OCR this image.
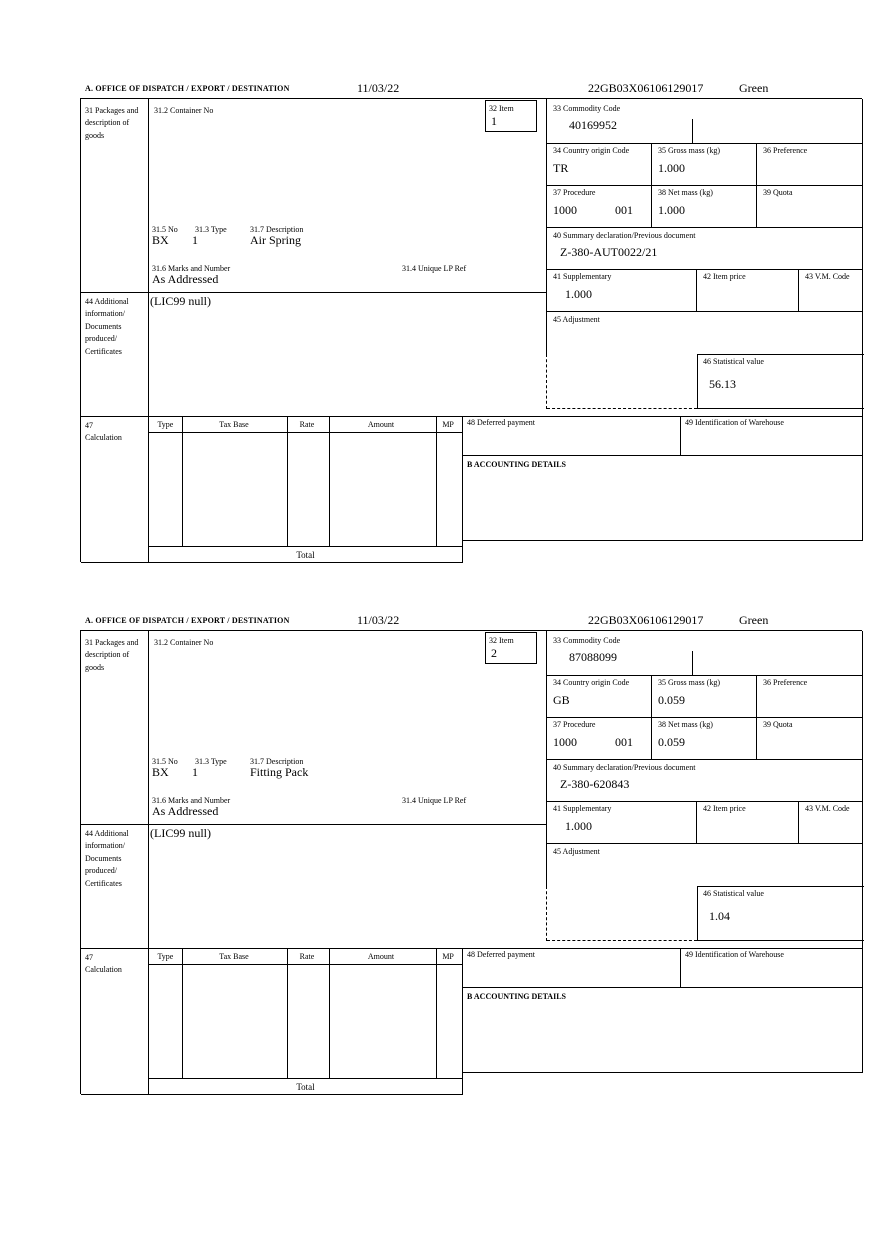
A. OFFICE OF DISPATCH / EXPORT / DESTINATION	11/03/22	22GB03X06106129017	Green
31 Packages and description of goods
44 Additional information/ Documents produced/ Certificates
47 Calculation
31.2 Container No	32 Item
1
31.5 No 31.3 Type	31.7 Description
BX 1	Air Spring
31.6 Marks and Number	31.4 Unique LP Ref
As Addressed
(LIC99 null)
33 Commodity Code
40169952
34 Country origin Code
TR
35 Gross mass (kg)
1.000
36 Preference
37 Procedure
1000	001
38 Net mass (kg)
1.000
39 Quota
40 Summary declaration/Previous document
Z-380-AUT0022/21
41 Supplementary
1.000
42 Item price	43 V.M. Code
45 Adjustment
46 Statistical value
56.13
Type	Tax Base	Rate	Amount	MP
Total
48 Deferred payment	49 Identification of Warehouse
B ACCOUNTING DETAILS
A. OFFICE OF DISPATCH / EXPORT / DESTINATION	11/03/22	22GB03X06106129017	Green
31 Packages and description of goods
44 Additional information/ Documents produced/ Certificates
47 Calculation
31.2 Container No	32 Item
2
31.5 No 31.3 Type	31.7 Description
BX 1	Fitting Pack
31.6 Marks and Number	31.4 Unique LP Ref
As Addressed
(LIC99 null)
33 Commodity Code
87088099
34 Country origin Code
GB
35 Gross mass (kg)
0.059
36 Preference
37 Procedure
1000	001
38 Net mass (kg)
0.059
39 Quota
40 Summary declaration/Previous document
Z-380-620843
41 Supplementary
1.000
42 Item price	43 V.M. Code
45 Adjustment
46 Statistical value
1.04
Type	Tax Base	Rate	Amount	MP
Total
48 Deferred payment	49 Identification of Warehouse
B ACCOUNTING DETAILS
